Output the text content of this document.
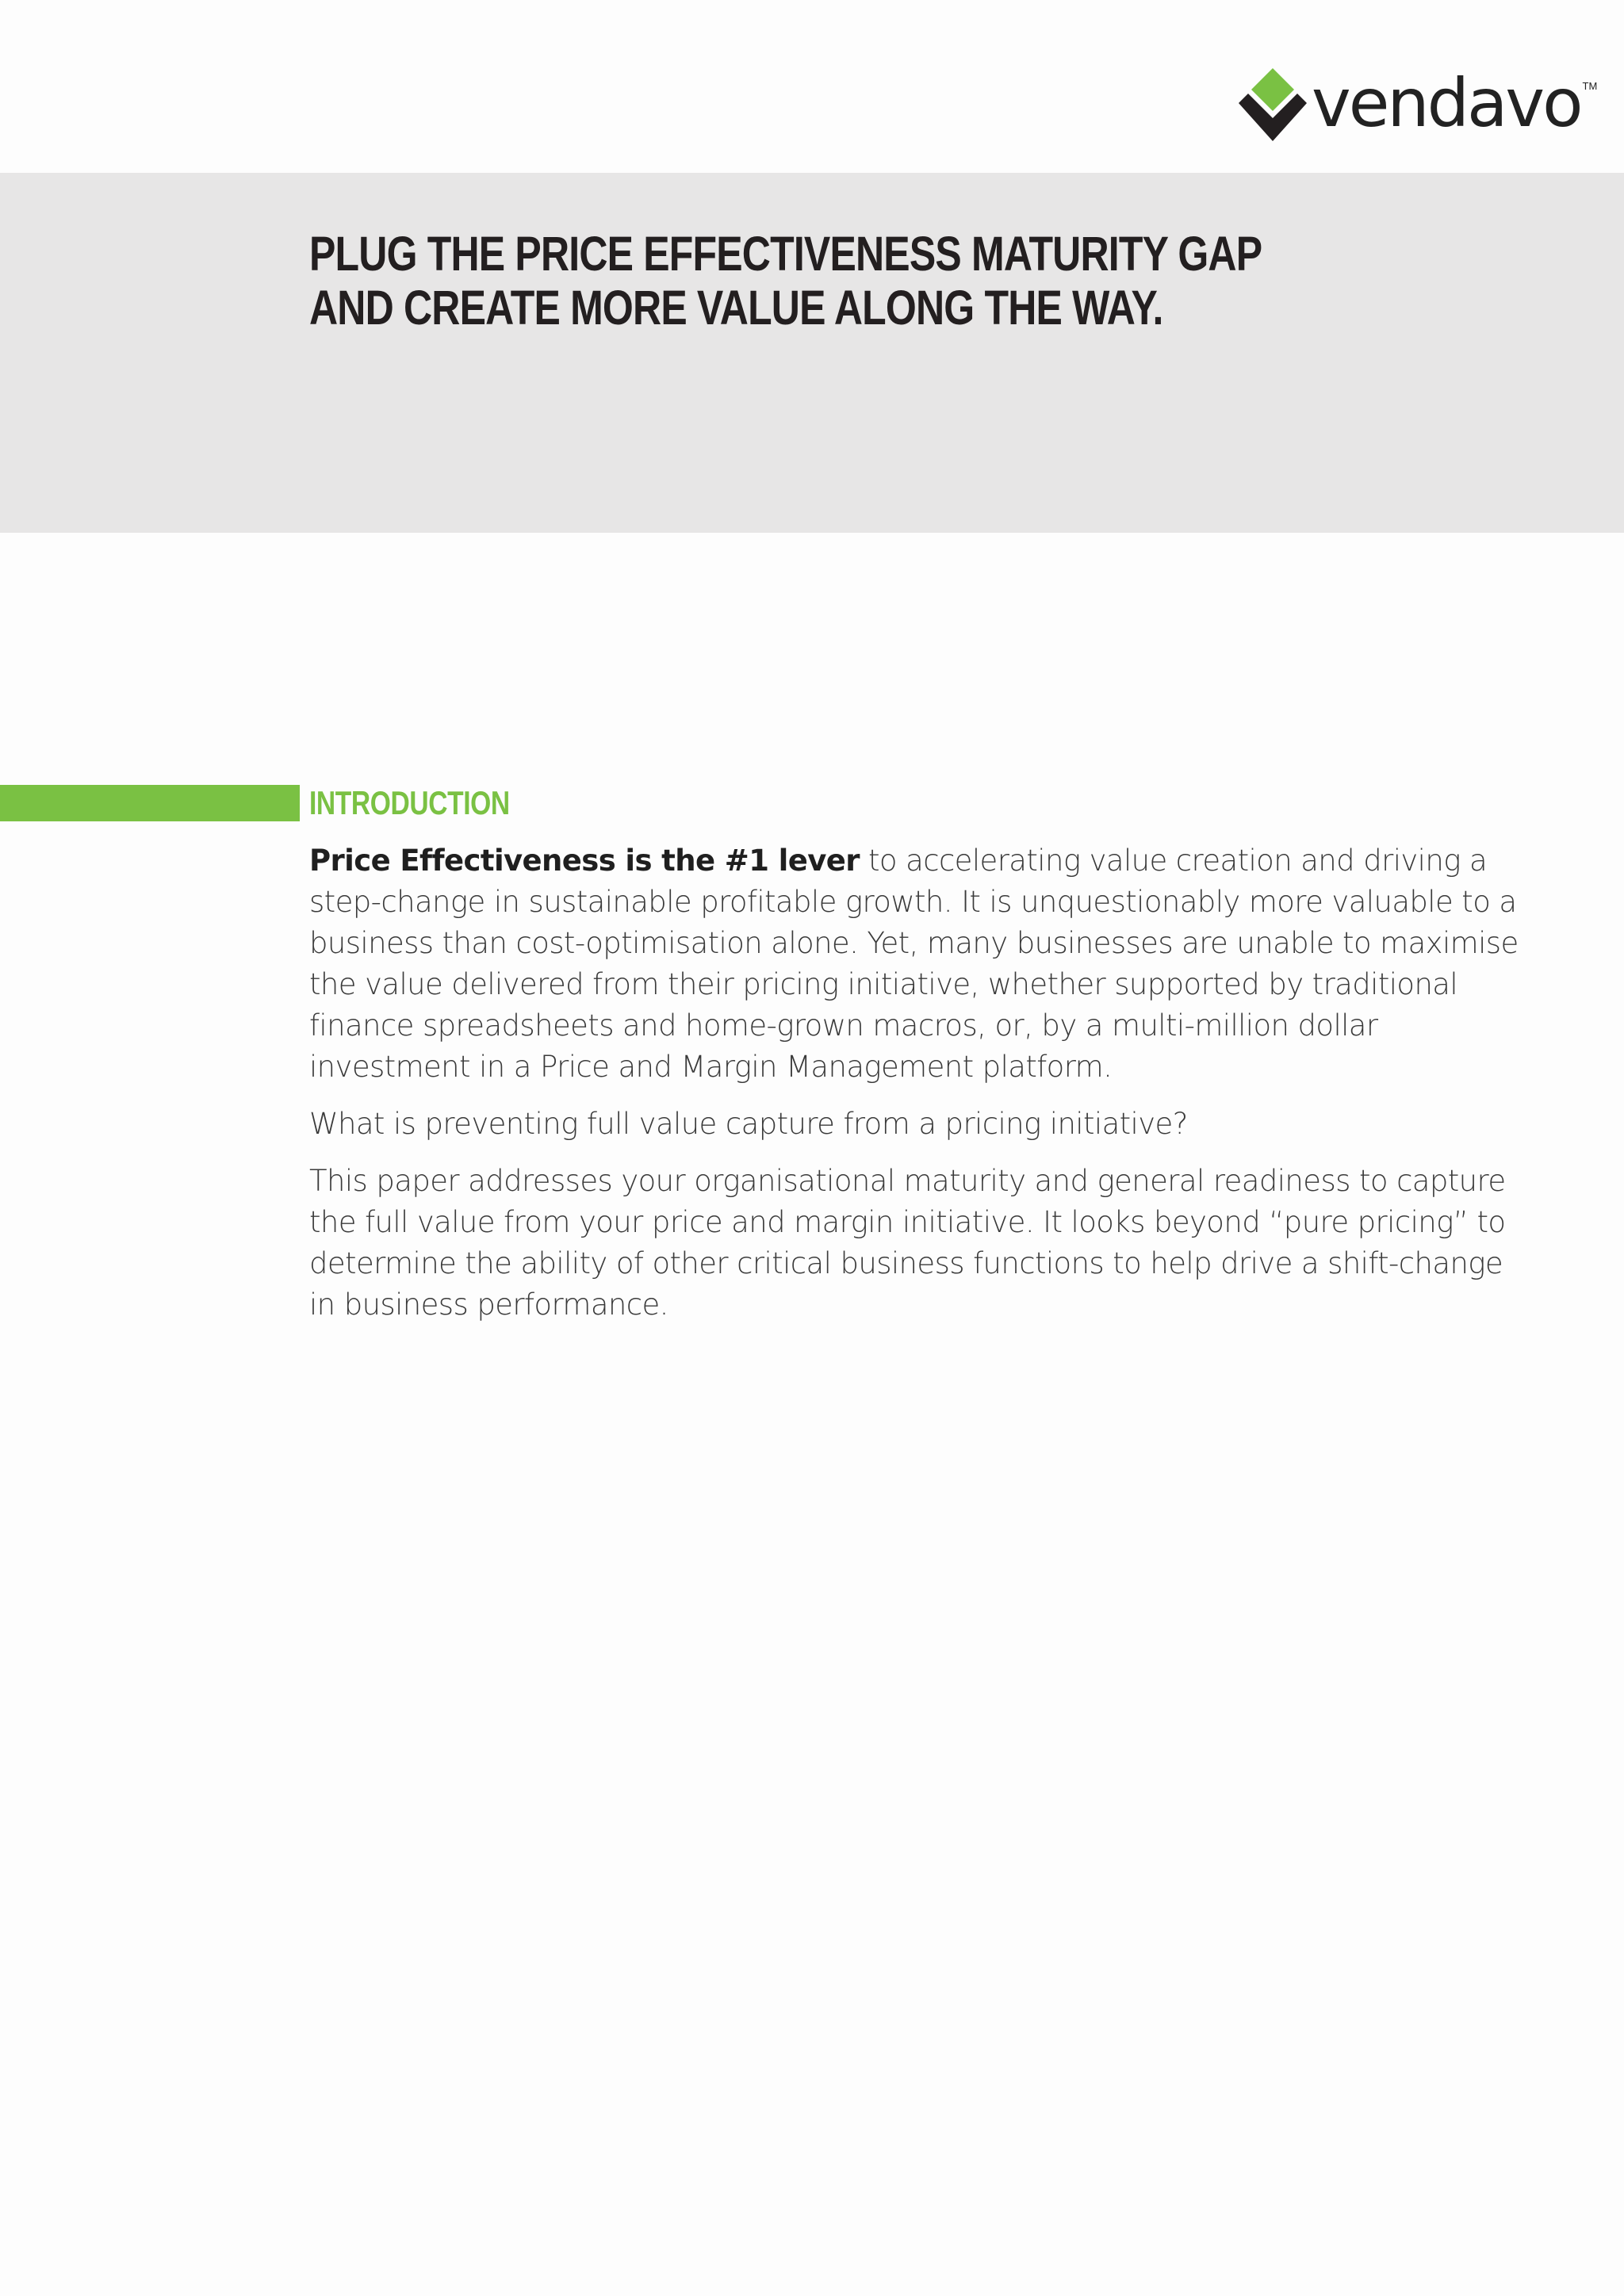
vendavo TM
PLUG THE PRICE EFFECTIVENESS MATURITY GAP
AND CREATE MORE VALUE ALONG THE WAY.
INTRODUCTION

Price Effectiveness is the #1 lever to accelerating value creation and driving a step-change in sustainable profitable growth. It is unquestionably more valuable to a business than cost-optimisation alone. Yet, many businesses are unable to maximise the value delivered from their pricing initiative, whether supported by traditional finance spreadsheets and home-grown macros, or, by a multi-million dollar investment in a Price and Margin Management platform.

What is preventing full value capture from a pricing initiative?

This paper addresses your organisational maturity and general readiness to capture the full value from your price and margin initiative. It looks beyond “pure pricing” to determine the ability of other critical business functions to help drive a shift-change in business performance.
